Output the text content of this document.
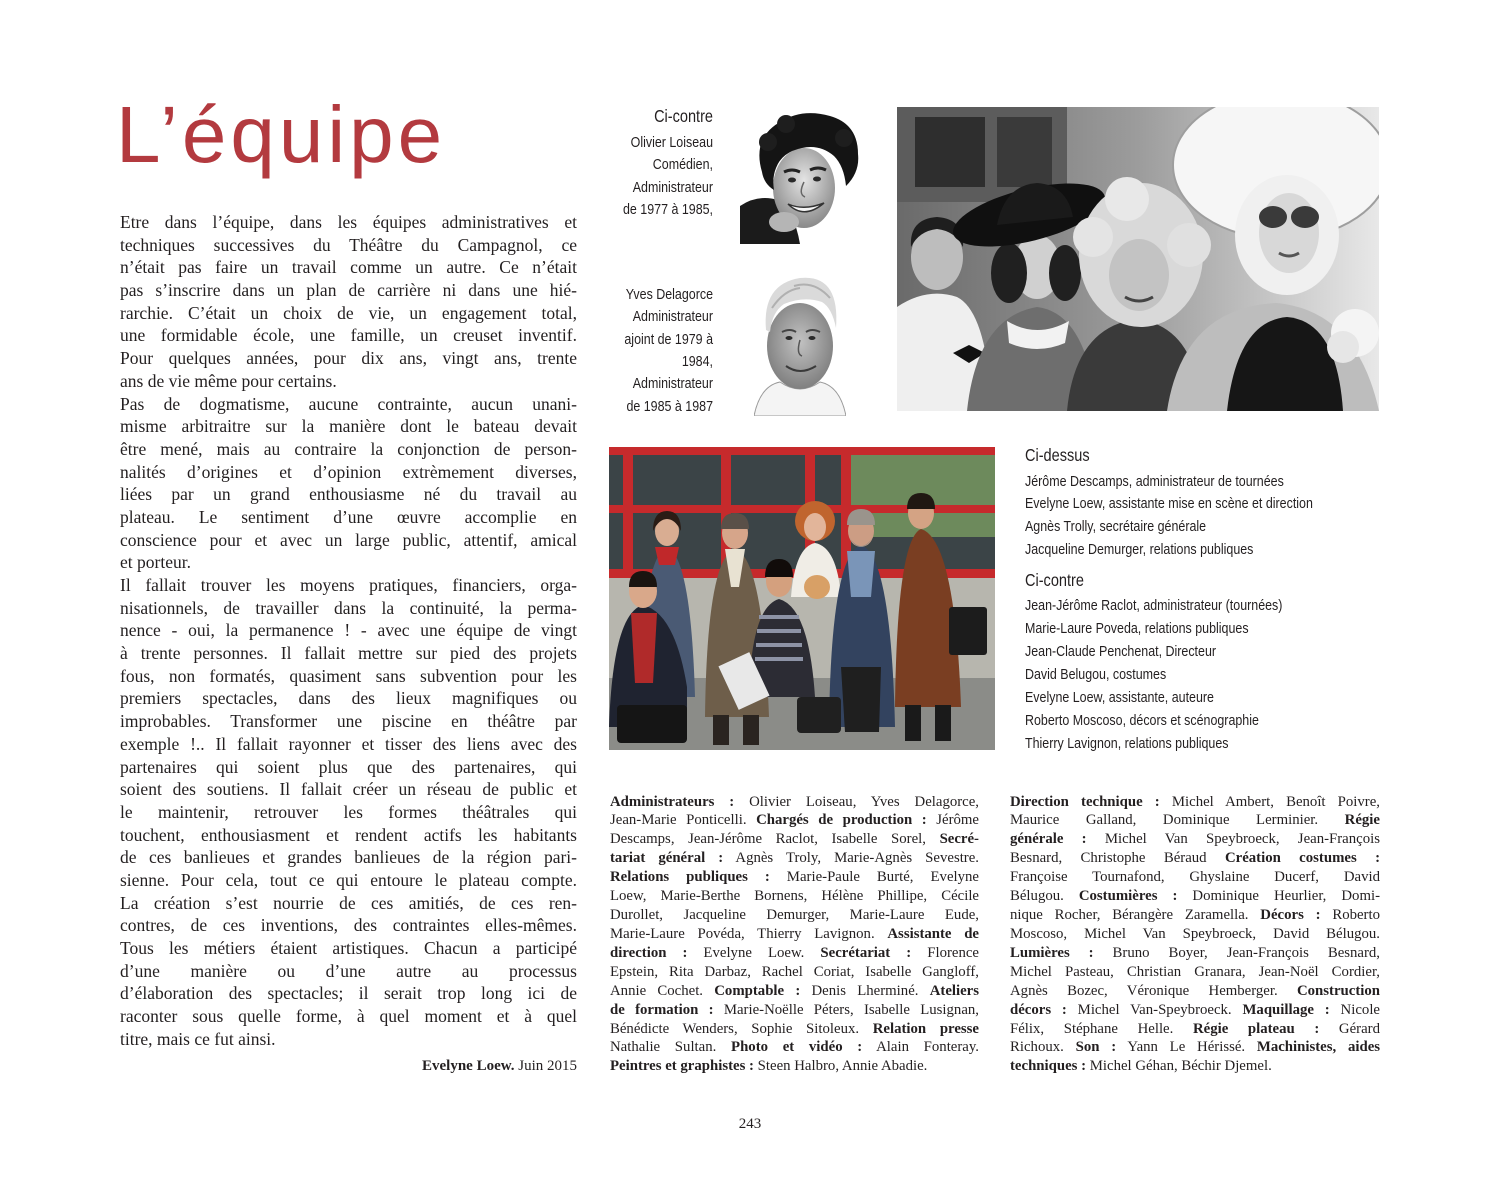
L’équipe
Etre dans l’équipe, dans les équipes administratives et
techniques successives du Théâtre du Campagnol, ce
n’était pas faire un travail comme un autre. Ce n’était
pas s’inscrire dans un plan de carrière ni dans une hié-
rarchie. C’était un choix de vie, un engagement total,
une formidable école, une famille, un creuset inventif.
Pour quelques années, pour dix ans, vingt ans, trente
ans de vie même pour certains.
Pas de dogmatisme, aucune contrainte, aucun unani-
misme arbitraitre sur la manière dont le bateau devait
être mené, mais au contraire la conjonction de person-
nalités d’origines et d’opinion extrèmement diverses,
liées par un grand enthousiasme né du travail au
plateau. Le sentiment d’une œuvre accomplie en
conscience pour et avec un large public, attentif, amical
et porteur.
Il fallait trouver les moyens pratiques, financiers, orga-
nisationnels, de travailler dans la continuité, la perma-
nence - oui, la permanence ! - avec une équipe de vingt
à trente personnes. Il fallait mettre sur pied des projets
fous, non formatés, quasiment sans subvention pour les
premiers spectacles, dans des lieux magnifiques ou
improbables. Transformer une piscine en théâtre par
exemple !.. Il fallait rayonner et tisser des liens avec des
partenaires qui soient plus que des partenaires, qui
soient des soutiens. Il fallait créer un réseau de public et
le maintenir, retrouver les formes théâtrales qui
touchent, enthousiasment et rendent actifs les habitants
de ces banlieues et grandes banlieues de la région pari-
sienne. Pour cela, tout ce qui entoure le plateau compte.
La création s’est nourrie de ces amitiés, de ces ren-
contres, de ces inventions, des contraintes elles-mêmes.
Tous les métiers étaient artistiques. Chacun a participé
d’une manière ou d’une autre au processus
d’élaboration des spectacles; il serait trop long ici de
raconter sous quelle forme, à quel moment et à quel
titre, mais ce fut ainsi.
Evelyne Loew. Juin 2015
Ci-contre
Olivier Loiseau
Comédien,
Administrateur
de 1977 à 1985,
Yves Delagorce
Administrateur
ajoint de 1979 à
1984,
Administrateur
de 1985 à 1987
Ci-dessus
Jérôme Descamps, administrateur de tournées
Evelyne Loew, assistante mise en scène et direction
Agnès Trolly, secrétaire générale
Jacqueline Demurger, relations publiques
Ci-contre
Jean-Jérôme Raclot, administrateur (tournées)
Marie-Laure Poveda, relations publiques
Jean-Claude Penchenat, Directeur
David Belugou, costumes
Evelyne Loew, assistante, auteure
Roberto Moscoso, décors et scénographie
Thierry Lavignon, relations publiques
Administrateurs : Olivier Loiseau, Yves Delagorce,
Jean-Marie Ponticelli. Chargés de production : Jérôme
Descamps, Jean-Jérôme Raclot, Isabelle Sorel, Secré-
tariat général : Agnès Troly, Marie-Agnès Sevestre.
Relations publiques : Marie-Paule Burté, Evelyne
Loew, Marie-Berthe Bornens, Hélène Phillipe, Cécile
Durollet, Jacqueline Demurger, Marie-Laure Eude,
Marie-Laure Povéda, Thierry Lavignon. Assistante de
direction : Evelyne Loew. Secrétariat : Florence
Epstein, Rita Darbaz, Rachel Coriat, Isabelle Gangloff,
Annie Cochet. Comptable : Denis Lherminé. Ateliers
de formation : Marie-Noëlle Péters, Isabelle Lusignan,
Bénédicte Wenders, Sophie Sitoleux. Relation presse
Nathalie Sultan. Photo et vidéo : Alain Fonteray.
Peintres et graphistes : Steen Halbro, Annie Abadie.
Direction technique : Michel Ambert, Benoît Poivre,
Maurice Galland, Dominique Lerminier. Régie
générale : Michel Van Speybroeck, Jean-François
Besnard, Christophe Béraud Création costumes :
Françoise Tournafond, Ghyslaine Ducerf, David
Bélugou. Costumières : Dominique Heurlier, Domi-
nique Rocher, Bérangère Zaramella. Décors : Roberto
Moscoso, Michel Van Speybroeck, David Bélugou.
Lumières : Bruno Boyer, Jean-François Besnard,
Michel Pasteau, Christian Granara, Jean-Noël Cordier,
Agnès Bozec, Véronique Hemberger. Construction
décors : Michel Van-Speybroeck. Maquillage : Nicole
Félix, Stéphane Helle. Régie plateau : Gérard
Richoux. Son : Yann Le Hérissé. Machinistes, aides
techniques : Michel Géhan, Béchir Djemel.
243
